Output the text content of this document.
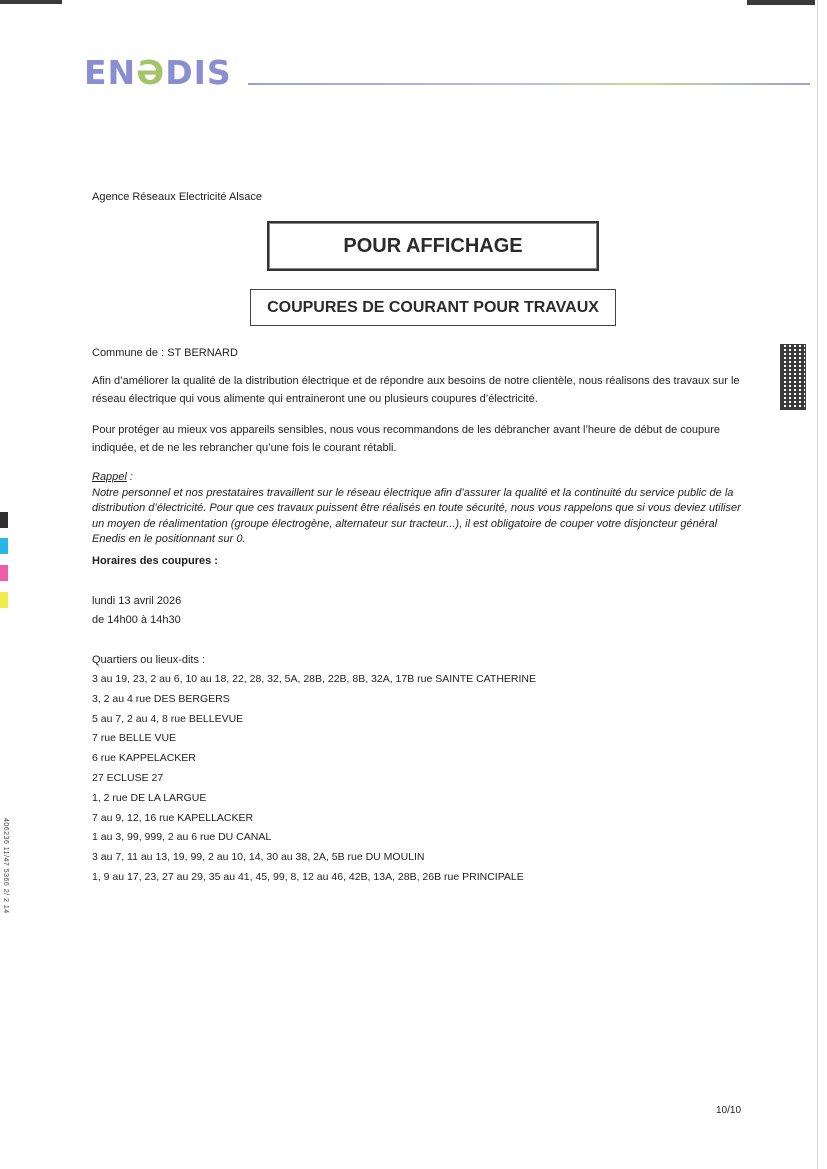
ENӘDIS
Agence Réseaux Electricité Alsace
POUR AFFICHAGE
COUPURES DE COURANT POUR TRAVAUX
Commune de : ST BERNARD
Afin d’améliorer la qualité de la distribution électrique et de répondre aux besoins de notre clientèle, nous réalisons des travaux sur le réseau électrique qui vous alimente qui entraineront une ou plusieurs coupures d’électricité.
Pour protéger au mieux vos appareils sensibles, nous vous recommandons de les débrancher avant l’heure de début de coupure indiquée, et de ne les rebrancher qu’une fois le courant rétabli.
Rappel :
Notre personnel et nos prestataires travaillent sur le réseau électrique afin d’assurer la qualité et la continuité du service public de la distribution d’électricité. Pour que ces travaux puissent être réalisés en toute sécurité, nous vous rappelons que si vous deviez utiliser un moyen de réalimentation (groupe électrogène, alternateur sur tracteur...), il est obligatoire de couper votre disjoncteur général Enedis en le positionnant sur 0.
Horaires des coupures :
lundi 13 avril 2026
de 14h00 à 14h30
Quartiers ou lieux-dits :
3 au 19, 23, 2 au 6, 10 au 18, 22, 28, 32, 5A, 28B, 22B, 8B, 32A, 17B rue SAINTE CATHERINE
3, 2 au 4 rue DES BERGERS
5 au 7, 2 au 4, 8 rue BELLEVUE
7 rue BELLE VUE
6 rue KAPPELACKER
27 ECLUSE 27
1, 2 rue DE LA LARGUE
7 au 9, 12, 16 rue KAPELLACKER
1 au 3, 99, 999, 2 au 6 rue DU CANAL
3 au 7, 11 au 13, 19, 99, 2 au 10, 14, 30 au 38, 2A, 5B rue DU MOULIN
1, 9 au 17, 23, 27 au 29, 35 au 41, 45, 99, 8, 12 au 46, 42B, 13A, 28B, 26B rue PRINCIPALE
406236 11/47 5366 2/ 2 14
10/10
